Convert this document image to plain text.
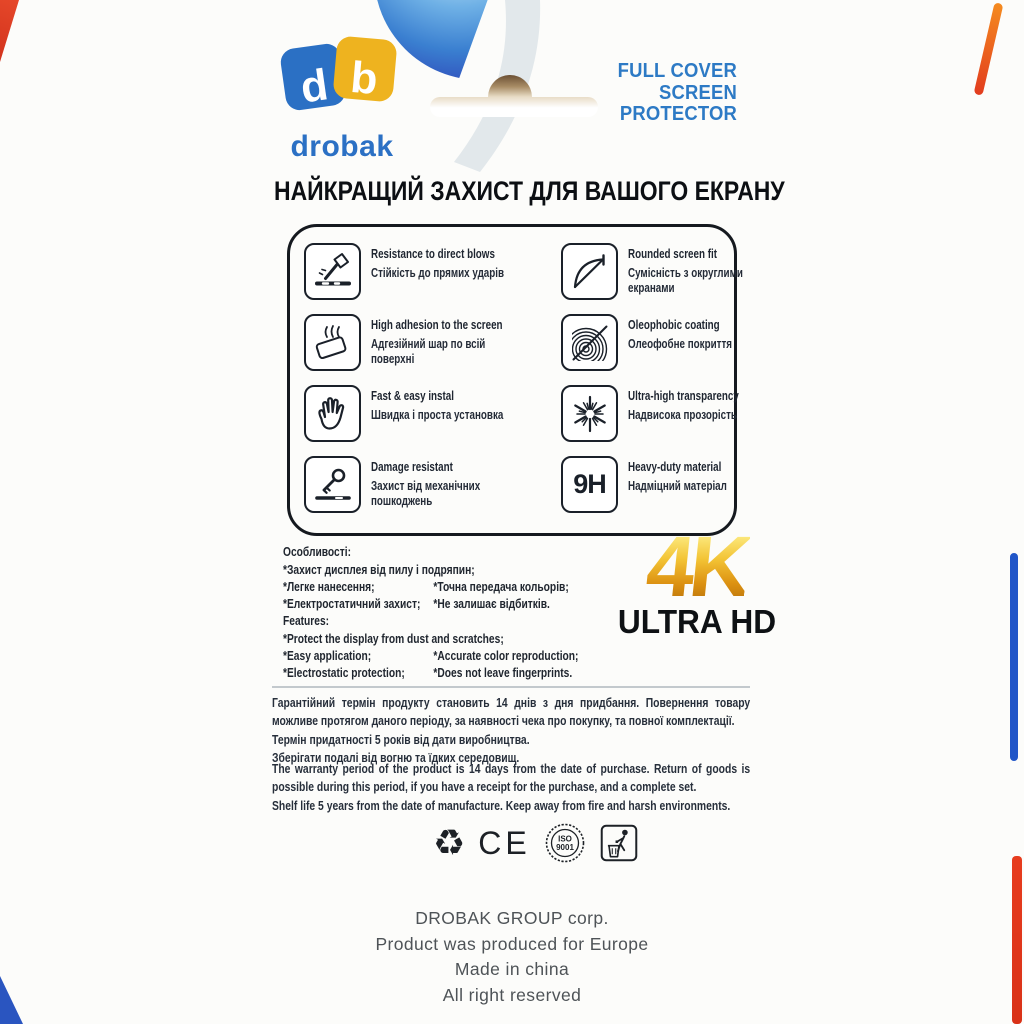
d b
drobak
FULL COVER
SCREEN
PROTECTOR
НАЙКРАЩИЙ ЗАХИСТ ДЛЯ ВАШОГО ЕКРАНУ
Resistance to direct blows
Стійкість до прямих ударів
High adhesion to the screen
Адгезійний шар по всій поверхні
Fast & easy instal
Швидка і проста установка
Damage resistant
Захист від механічних пошкоджень
Rounded screen fit
Сумісність з округлими екранами
Oleophobic coating
Олеофобне покриття
Ultra-high transparency
Надвисока прозорість
9H
Heavy-duty material
Надміцний матеріал
Особливості:
*Захист дисплея від пилу і подряпин;
*Легке нанесення;	*Точна передача кольорів;
*Електростатичний захист;	*Не залишає відбитків.
Features:
*Protect the display from dust and scratches;
*Easy application;	*Accurate color reproduction;
*Electrostatic protection;	*Does not leave fingerprints.
4K
ULTRA HD
Гарантійний термін продукту становить 14 днів з дня придбання. Повернення товару можливе протягом даного періоду, за наявності чека про покупку, та повної комплектації.
Термін придатності 5 років від дати виробництва.
Зберігати подалі від вогню та їдких середовищ.
The warranty period of the product is 14 days from the date of purchase. Return of goods is possible during this period, if you have a receipt for the purchase, and a complete set.
Shelf life 5 years from the date of manufacture. Keep away from fire and harsh environments.
♻ CE	ISO
9001
DROBAK GROUP corp.
Product was produced for Europe
Made in china
All right reserved
